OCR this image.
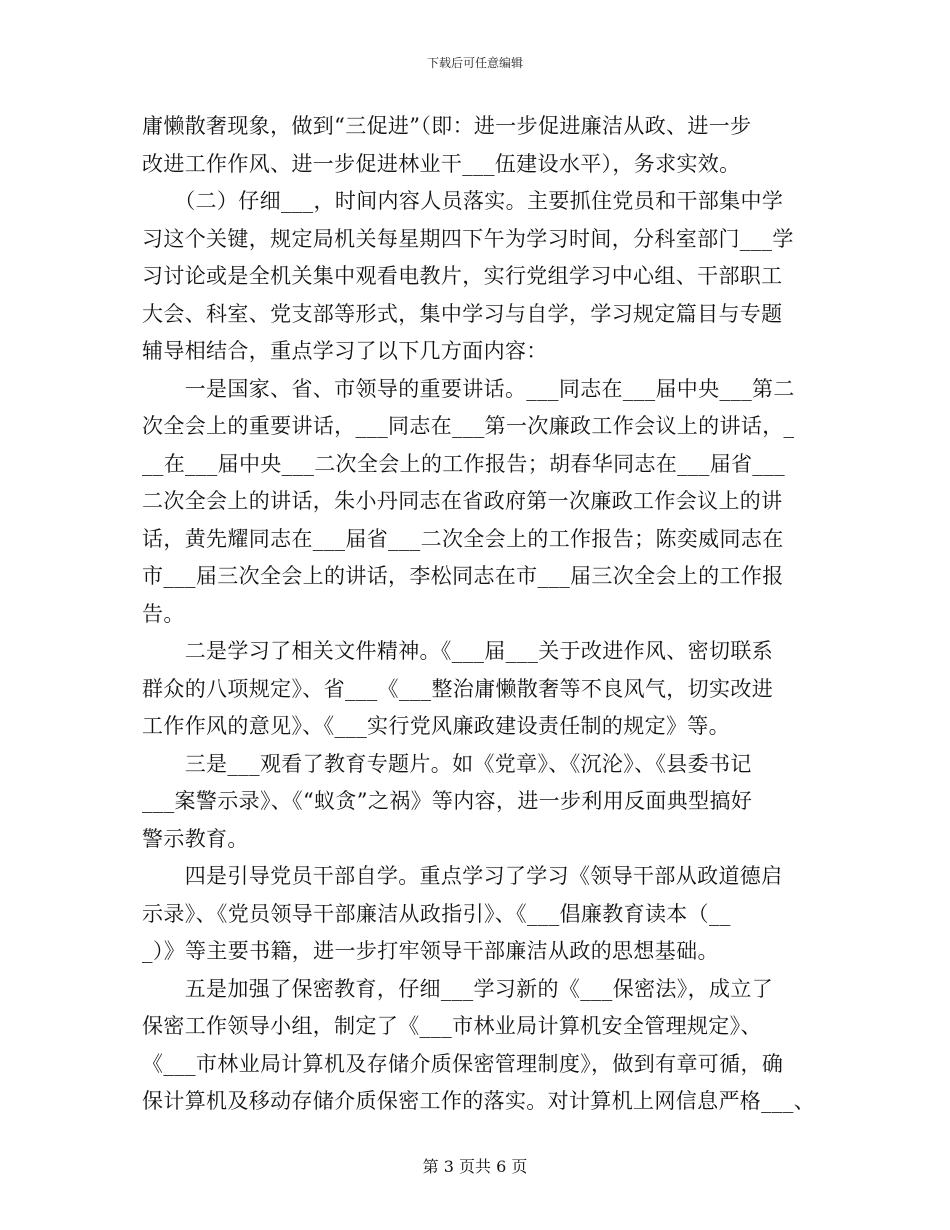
下载后可任意编辑
庸懒散奢现象，做到“三促进”（即：进一步促进廉洁从政、进一步
改进工作作风、进一步促进林业干___伍建设水平），务求实效。
　　（二）仔细___，时间内容人员落实。主要抓住党员和干部集中学
习这个关键，规定局机关每星期四下午为学习时间，分科室部门___学
习讨论或是全机关集中观看电教片，实行党组学习中心组、干部职工
大会、科室、党支部等形式，集中学习与自学，学习规定篇目与专题
辅导相结合，重点学习了以下几方面内容：
　　一是国家、省、市领导的重要讲话。___同志在___届中央___第二
次全会上的重要讲话，___同志在___第一次廉政工作会议上的讲话，_
__在___届中央___二次全会上的工作报告；胡春华同志在___届省___
二次全会上的讲话，朱小丹同志在省政府第一次廉政工作会议上的讲
话，黄先耀同志在___届省___二次全会上的工作报告；陈奕威同志在
市___届三次全会上的讲话，李松同志在市___届三次全会上的工作报
告。
　　二是学习了相关文件精神。《___届___关于改进作风、密切联系
群众的八项规定》、省___《___整治庸懒散奢等不良风气，切实改进
工作作风的意见》、《___实行党风廉政建设责任制的规定》等。
　　三是___观看了教育专题片。如《党章》、《沉沦》、《县委书记
___案警示录》、《“蚁贪”之祸》等内容，进一步利用反面典型搞好
警示教育。
　　四是引导党员干部自学。重点学习了学习《领导干部从政道德启
示录》、《党员领导干部廉洁从政指引》、《___倡廉教育读本（__
_）》等主要书籍，进一步打牢领导干部廉洁从政的思想基础。
　　五是加强了保密教育，仔细___学习新的《___保密法》，成立了
保密工作领导小组，制定了《___市林业局计算机安全管理规定》、
《___市林业局计算机及存储介质保密管理制度》，做到有章可循，确
保计算机及移动存储介质保密工作的落实。对计算机上网信息严格___、
第 3 页共 6 页
